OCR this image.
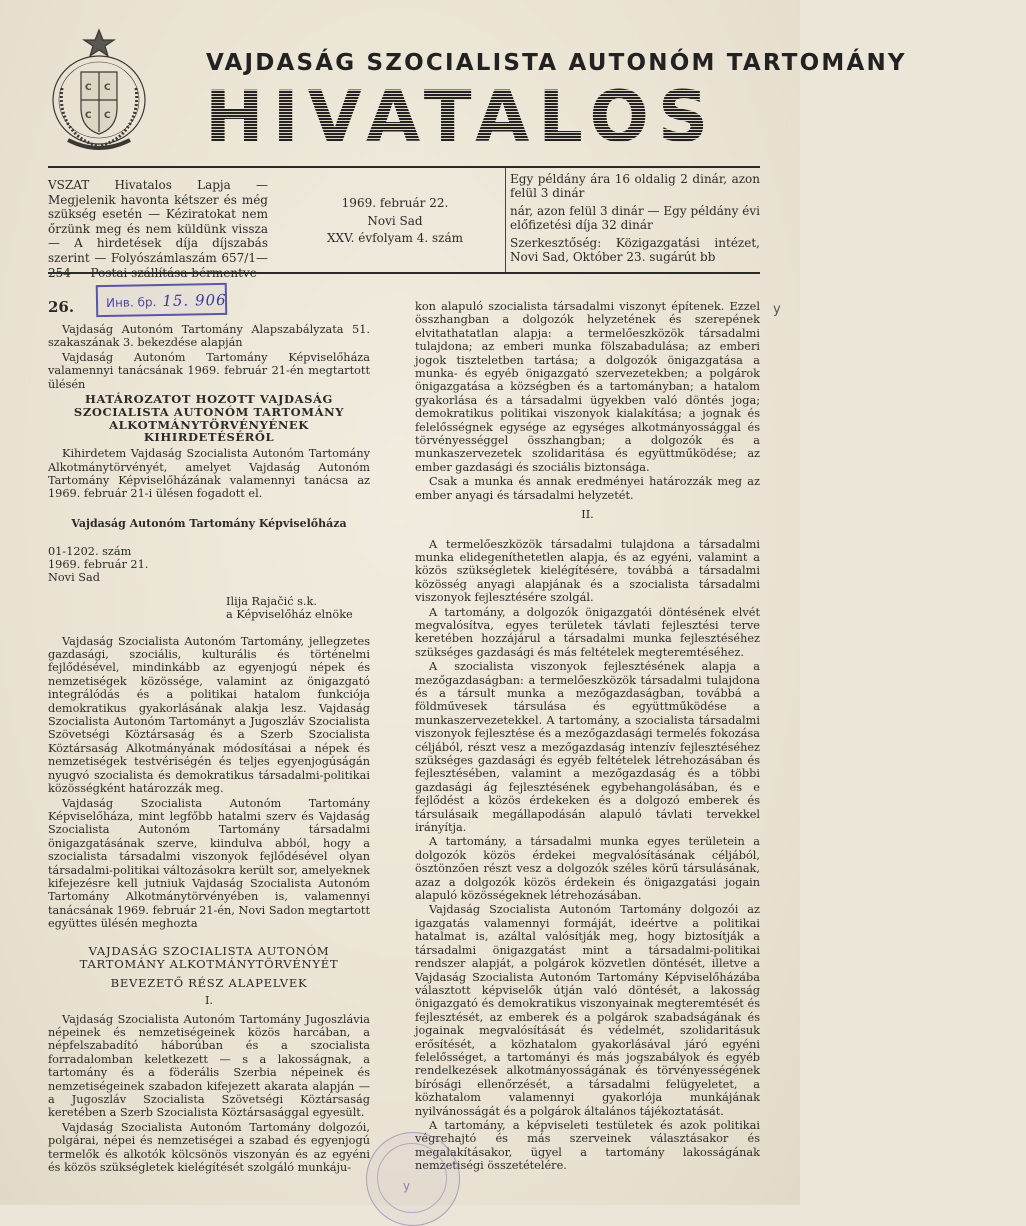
C C
C C
VAJDASÁG SZOCIALISTA AUTONÓM TARTOMÁNY
HIVATALOS LAPJA
VSZAT Hivatalos Lapja — Megjelenik havonta kétszer és még szükség esetén — Kéziratokat nem őrzünk meg és nem küldünk vissza — A hirdetések díja díjszabás szerint — Folyószámlaszám 657/1—254 — Postai szállítása bérmentve
1969. február 22.
Novi Sad
XXV. évfolyam 4. szám

Egy példány ára 16 oldalig 2 dinár, azon felül 3 dinár

nár, azon felül 3 dinár — Egy példány évi előfizetési díja 32 dinár

Szerkesztőség: Közigazgatási intézet, Novi Sad, Október 23. sugárút bb

26.	Инв. бр. 15. 906

Vajdaság Autonóm Tartomány Alapszabályzata 51. szakaszának 3. bekezdése alapján

Vajdaság Autonóm Tartomány Képviselőháza valamennyi tanácsának 1969. február 21-én megtartott ülésén

HATÁROZATOT HOZOTT VAJDASÁG SZOCIALISTA AUTONÓM TARTOMÁNY ALKOTMÁNYTÖRVÉNYÉNEK KIHIRDETÉSÉRŐL

Kihirdetem Vajdaság Szocialista Autonóm Tartomány Alkotmánytörvényét, amelyet Vajdaság Autonóm Tartomány Képviselőházának valamennyi tanácsa az 1969. február 21-i ülésen fogadott el.

Vajdaság Autonóm Tartomány Képviselőháza
01-1202. szám
1969. február 21.
Novi Sad
Ilija Rajačić s.k.
a Képviselőház elnöke

Vajdaság Szocialista Autonóm Tartomány, jellegzetes gazdasági, szociális, kulturális és történelmi fejlődésével, mindinkább az egyenjogú népek és nemzetiségek közössége, valamint az önigazgató integrálódás és a politikai hatalom funkciója demokratikus gyakorlásának alakja lesz. Vajdaság Szocialista Autonóm Tartományt a Jugoszláv Szocialista Szövetségi Köztársaság és a Szerb Szocialista Köztársaság Alkotmányának módosításai a népek és nemzetiségek testvériségén és teljes egyenjogúságán nyugvó szocialista és demokratikus társadalmi-politikai közösségként határozzák meg.

Vajdaság Szocialista Autonóm Tartomány Képviselőháza, mint legfőbb hatalmi szerv és Vajdaság Szocialista Autonóm Tartomány társadalmi önigazgatásának szerve, kiindulva abból, hogy a szocialista társadalmi viszonyok fejlődésével olyan társadalmi-politikai változásokra került sor, amelyeknek kifejezésre kell jutniuk Vajdaság Szocialista Autonóm Tartomány Alkotmánytörvényében is, valamennyi tanácsának 1969. február 21-én, Novi Sadon megtartott együttes ülésén meghozta

VAJDASÁG SZOCIALISTA AUTONÓM TARTOMÁNY ALKOTMÁNYTÖRVÉNYÉT
BEVEZETŐ RÉSZ ALAPELVEK
I.

Vajdaság Szocialista Autonóm Tartomány Jugoszlávia népeinek és nemzetiségeinek közös harcában, a népfelszabadító háborúban és a szocialista forradalomban keletkezett — s a lakosságnak, a tartomány és a föderális Szerbia népeinek és nemzetiségeinek szabadon kifejezett akarata alapján — a Jugoszláv Szocialista Szövetségi Köztársaság keretében a Szerb Szocialista Köztársasággal egyesült.

Vajdaság Szocialista Autonóm Tartomány dolgozói, polgárai, népei és nemzetiségei a szabad és egyenjogú termelők és alkotók kölcsönös viszonyán és az egyéni és közös szükségletek kielégítését szolgáló munkáju-

kon alapuló szocialista társadalmi viszonyt építenek. Ezzel összhangban a dolgozók helyzetének és szerepének elvitathatatlan alapja: a termelőeszközök társadalmi tulajdona; az emberi munka fölszabadulása; az emberi jogok tiszteletben tartása; a dolgozók önigazgatása a munka- és egyéb önigazgató szervezetekben; a polgárok önigazgatása a községben és a tartományban; a hatalom gyakorlása és a társadalmi ügyekben való döntés joga; demokratikus politikai viszonyok kialakítása; a jognak és felelősségnek egysége az egységes alkotmányossággal és törvényességgel összhangban; a dolgozók és a munkaszervezetek szolidaritása és együttműködése; az ember gazdasági és szociális biztonsága.

Csak a munka és annak eredményei határozzák meg az ember anyagi és társadalmi helyzetét.

II.

A termelőeszközök társadalmi tulajdona a társadalmi munka elidegeníthetetlen alapja, és az egyéni, valamint a közös szükségletek kielégítésére, továbbá a társadalmi közösség anyagi alapjának és a szocialista társadalmi viszonyok fejlesztésére szolgál.

A tartomány, a dolgozók önigazgatói döntésének elvét megvalósítva, egyes területek távlati fejlesztési terve keretében hozzájárul a társadalmi munka fejlesztéséhez szükséges gazdasági és más feltételek megteremtéséhez.

A szocialista viszonyok fejlesztésének alapja a mezőgazdaságban: a termelőeszközök társadalmi tulajdona és a társult munka a mezőgazdaságban, továbbá a földművesek társulása és együttműködése a munkaszervezetekkel. A tartomány, a szocialista társadalmi viszonyok fejlesztése és a mezőgazdasági termelés fokozása céljából, részt vesz a mezőgazdaság intenzív fejlesztéséhez szükséges gazdasági és egyéb feltételek létrehozásában és fejlesztésében, valamint a mezőgazdaság és a többi gazdasági ág fejlesztésének egybehangolásában, és e fejlődést a közös érdekeken és a dolgozó emberek és társulásaik megállapodásán alapuló távlati tervekkel irányítja.

A tartomány, a társadalmi munka egyes területein a dolgozók közös érdekei megvalósításának céljából, ösztönzően részt vesz a dolgozók széles körű társulásának, azaz a dolgozók közös érdekein és önigazgatási jogain alapuló közösségeknek létrehozásában.

Vajdaság Szocialista Autonóm Tartomány dolgozói az igazgatás valamennyi formáját, ideértve a politikai hatalmat is, azáltal valósítják meg, hogy biztosítják a társadalmi önigazgatást mint a társadalmi-politikai rendszer alapját, a polgárok közvetlen döntését, illetve a Vajdaság Szocialista Autonóm Tartomány Képviselőházába választott képviselők útján való döntését, a lakosság önigazgató és demokratikus viszonyainak megteremtését és fejlesztését, az emberek és a polgárok szabadságának és jogainak megvalósítását és védelmét, szolidaritásuk erősítését, a közhatalom gyakorlásával járó egyéni felelősséget, a tartományi és más jogszabályok és egyéb rendelkezések alkotmányosságának és törvényességének bírósági ellenőrzését, a társadalmi felügyeletet, a közhatalom valamennyi gyakorlója munkájának nyilvánosságát és a polgárok általános tájékoztatását.

A tartomány, a képviseleti testületek és azok politikai végrehajtó és más szerveinek választásakor és megalakításakor, ügyel a tartomány lakosságának nemzetiségi összetételére.

y
y
